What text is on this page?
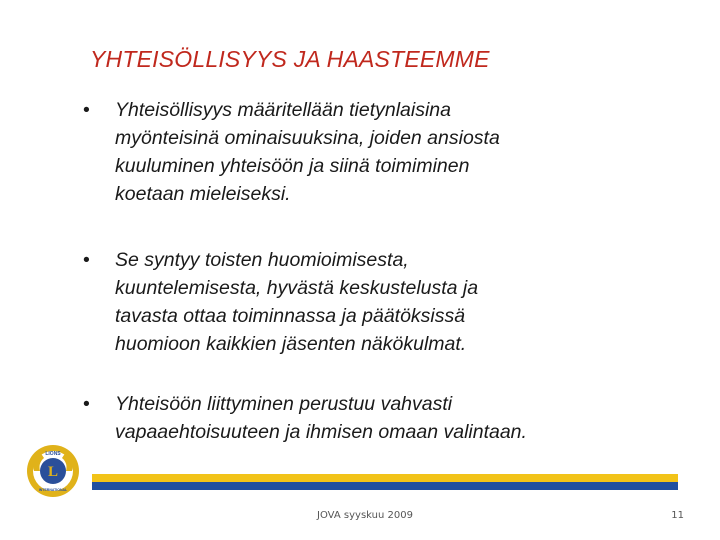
YHTEISÖLLISYYS JA HAASTEEMME
• Yhteisöllisyys määritellään tietynlaisina
myönteisinä ominaisuuksina, joiden ansiosta
kuuluminen yhteisöön ja siinä toimiminen
koetaan mieleiseksi.
• Se syntyy toisten huomioimisesta,
kuuntelemisesta, hyvästä keskustelusta ja
tavasta ottaa toiminnassa ja päätöksissä
huomioon kaikkien jäsenten näkökulmat.
• Yhteisöön liittyminen perustuu vahvasti
vapaaehtoisuuteen ja ihmisen omaan valintaan.
LIONS
L
INTERNATIONAL
JOVA syyskuu 2009	11
